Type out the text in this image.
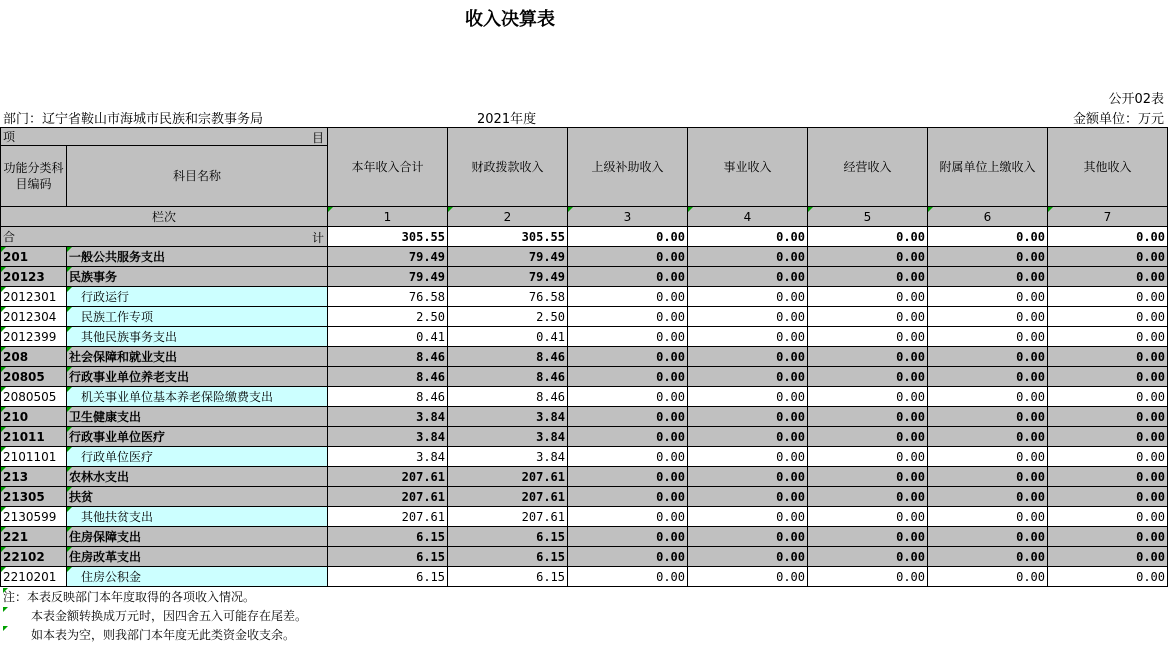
收入决算表
公开02表
部门：辽宁省鞍山市海城市民族和宗教事务局	2021年度	金额单位：万元
项 目		本年收入合计	财政拨款收入	上级补助收入	事业收入	经营收入	附属单位上缴收入	其他收入
功能分类科目编码	科目名称							

栏次		1	2	3	4	5	6	7
合 计		305.55	305.55	0.00	0.00	0.00	0.00	0.00
201	一般公共服务支出	79.49	79.49	0.00	0.00	0.00	0.00	0.00
20123	民族事务	79.49	79.49	0.00	0.00	0.00	0.00	0.00
2012301	行政运行	76.58	76.58	0.00	0.00	0.00	0.00	0.00
2012304	民族工作专项	2.50	2.50	0.00	0.00	0.00	0.00	0.00
2012399	其他民族事务支出	0.41	0.41	0.00	0.00	0.00	0.00	0.00
208	社会保障和就业支出	8.46	8.46	0.00	0.00	0.00	0.00	0.00
20805	行政事业单位养老支出	8.46	8.46	0.00	0.00	0.00	0.00	0.00
2080505	机关事业单位基本养老保险缴费支出	8.46	8.46	0.00	0.00	0.00	0.00	0.00
210	卫生健康支出	3.84	3.84	0.00	0.00	0.00	0.00	0.00
21011	行政事业单位医疗	3.84	3.84	0.00	0.00	0.00	0.00	0.00
2101101	行政单位医疗	3.84	3.84	0.00	0.00	0.00	0.00	0.00
213	农林水支出	207.61	207.61	0.00	0.00	0.00	0.00	0.00
21305	扶贫	207.61	207.61	0.00	0.00	0.00	0.00	0.00
2130599	其他扶贫支出	207.61	207.61	0.00	0.00	0.00	0.00	0.00
221	住房保障支出	6.15	6.15	0.00	0.00	0.00	0.00	0.00
22102	住房改革支出	6.15	6.15	0.00	0.00	0.00	0.00	0.00
2210201	住房公积金	6.15	6.15	0.00	0.00	0.00	0.00	0.00
注：本表反映部门本年度取得的各项收入情况。
本表金额转换成万元时，因四舍五入可能存在尾差。
如本表为空，则我部门本年度无此类资金收支余。
